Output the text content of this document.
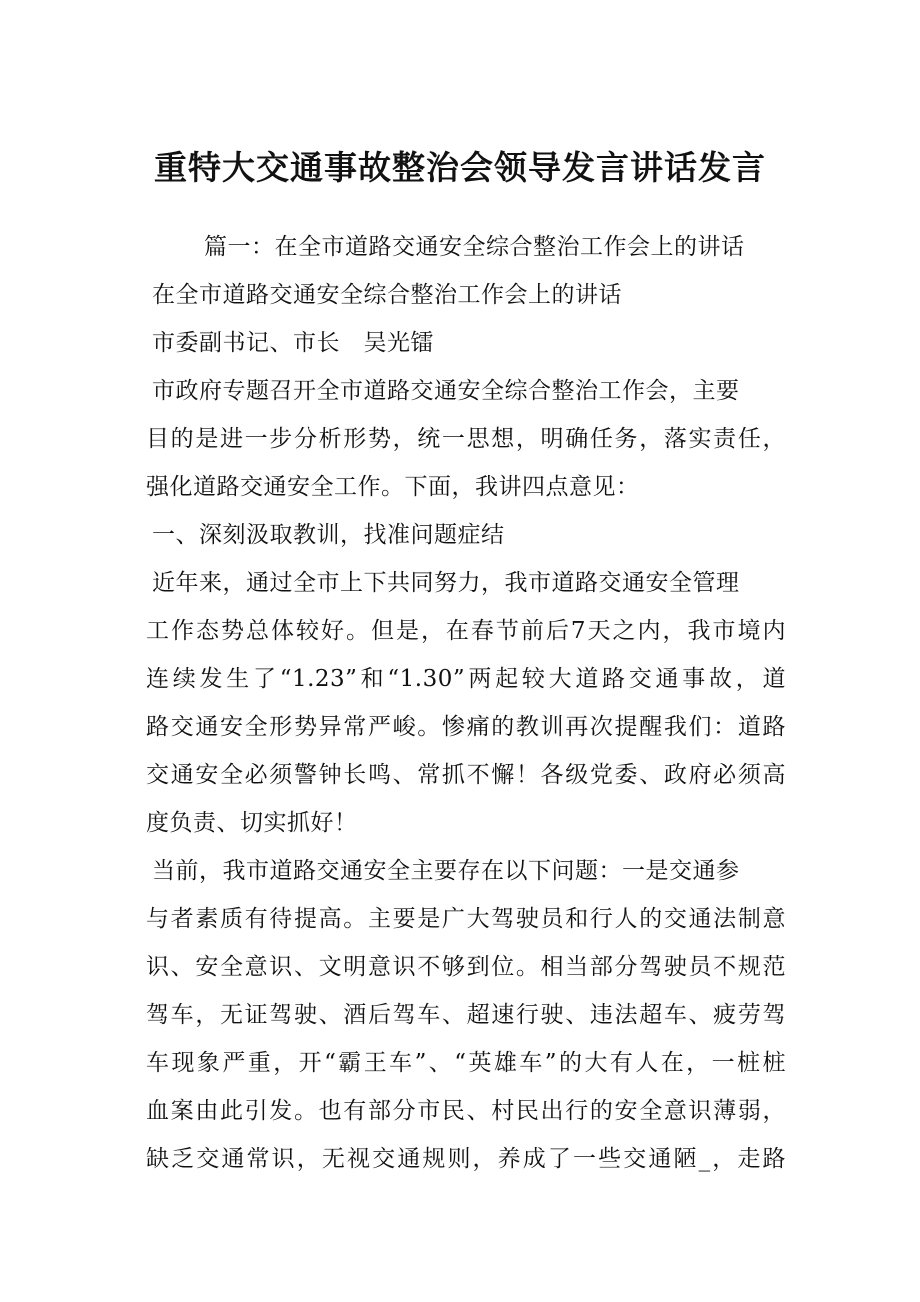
重特大交通事故整治会领导发言讲话发言
篇一：在全市道路交通安全综合整治工作会上的讲话
在全市道路交通安全综合整治工作会上的讲话
市委副书记、市长　吴光镭
市政府专题召开全市道路交通安全综合整治工作会，主要
目的是进一步分析形势，统一思想，明确任务，落实责任，
强化道路交通安全工作。下面，我讲四点意见：
一、深刻汲取教训，找准问题症结
近年来，通过全市上下共同努力，我市道路交通安全管理
工作态势总体较好。但是，在春节前后7天之内，我市境内
连续发生了“1.23”和“1.30”两起较大道路交通事故，道
路交通安全形势异常严峻。惨痛的教训再次提醒我们：道路
交通安全必须警钟长鸣、常抓不懈！各级党委、政府必须高
度负责、切实抓好！
当前，我市道路交通安全主要存在以下问题：一是交通参
与者素质有待提高。主要是广大驾驶员和行人的交通法制意
识、安全意识、文明意识不够到位。相当部分驾驶员不规范
驾车，无证驾驶、酒后驾车、超速行驶、违法超车、疲劳驾
车现象严重，开“霸王车”、“英雄车”的大有人在，一桩桩
血案由此引发。也有部分市民、村民出行的安全意识薄弱，
缺乏交通常识，无视交通规则，养成了一些交通陋_，走路
